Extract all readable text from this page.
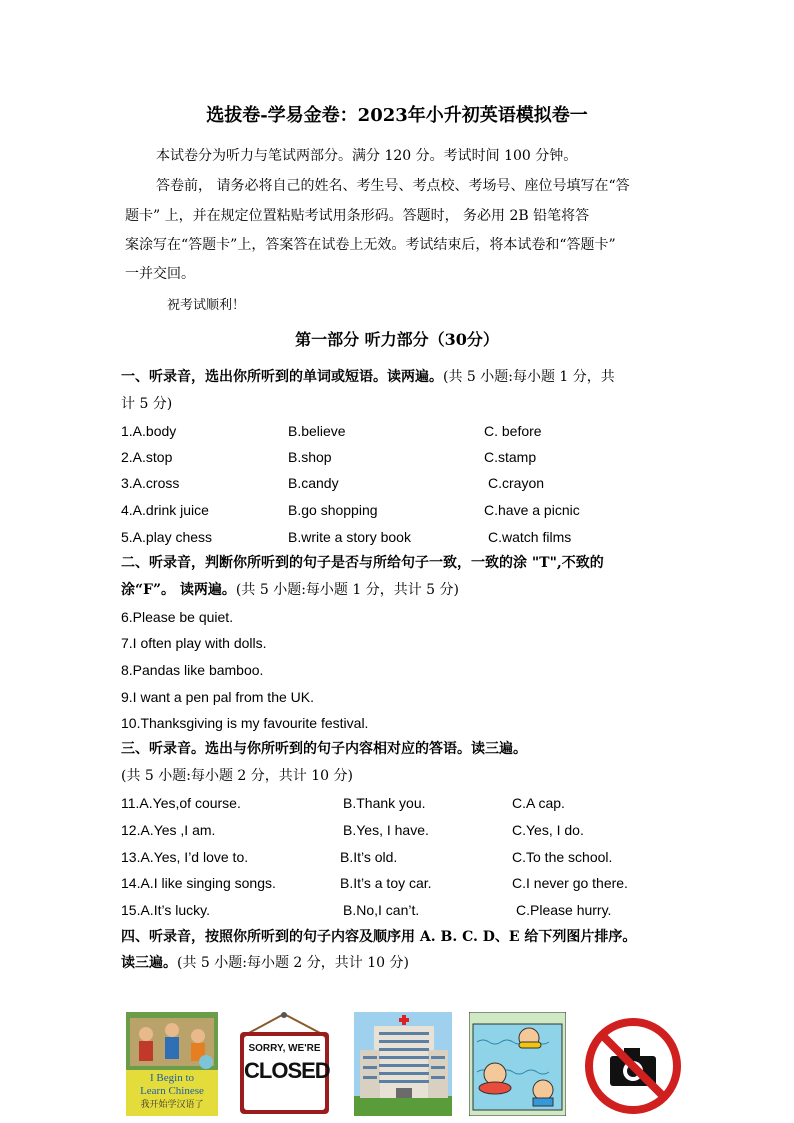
选拔卷-学易金卷：2023年小升初英语模拟卷一
本试卷分为听力与笔试两部分。满分 120 分。考试时间 100 分钟。
答卷前， 请务必将自己的姓名、考生号、考点校、考场号、座位号填写在“答
题卡” 上，并在规定位置粘贴考试用条形码。答题时， 务必用 2B 铅笔将答
案涂写在“答题卡”上，答案答在试卷上无效。考试结束后，将本试卷和“答题卡”
一并交回。
祝考试顺利！
第一部分 听力部分（30分）
一、听录音，选出你所听到的单词或短语。读两遍。(共 5 小题:每小题 1 分，共
计 5 分)
1.A.body	B.believe	C. before
2.A.stop	B.shop	C.stamp
3.A.cross	B.candy	C.crayon
4.A.drink juice	B.go shopping	C.have a picnic
5.A.play chess	B.write a story book	C.watch films
二、听录音，判断你所听到的句子是否与所给句子一致，一致的涂 "T",不致的
涂“F”。 读两遍。(共 5 小题:每小题 1 分，共计 5 分)
6.Please be quiet.
7.I often play with dolls.
8.Pandas like bamboo.
9.I want a pen pal from the UK.
10.Thanksgiving is my favourite festival.
三、听录音。选出与你所听到的句子内容相对应的答语。读三遍。
(共 5 小题:每小题 2 分，共计 10 分)
11.A.Yes,of course.	B.Thank you.	C.A cap.
12.A.Yes ,I am.	B.Yes, I have.	C.Yes, I do.
13.A.Yes, I’d love to.	B.It’s old.	C.To the school.
14.A.I like singing songs.	B.It’s a toy car.	C.I never go there.
15.A.It’s lucky.	B.No,I can’t.	C.Please hurry.
四、听录音，按照你所听到的句子内容及顺序用 A. B. C. D、E 给下列图片排序。
读三遍。(共 5 小题:每小题 2 分，共计 10 分)
I Begin to
Learn Chinese
我开始学汉语了
SORRY, WE'RE
CLOSED
